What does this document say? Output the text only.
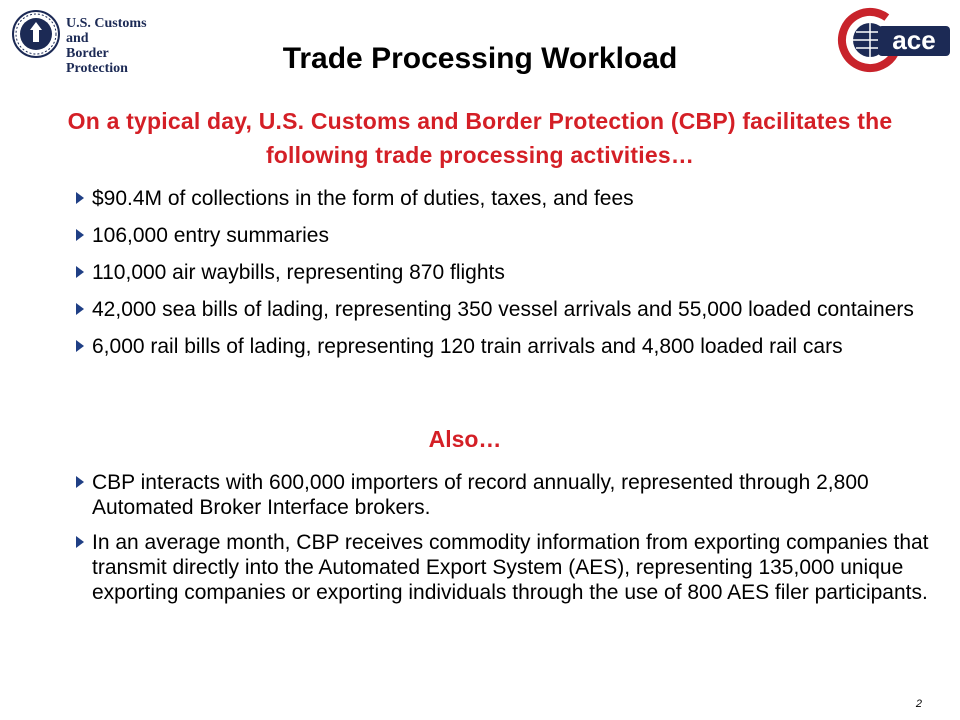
U.S. Customs and
Border Protection
ace
Trade Processing Workload
On a typical day, U.S. Customs and Border Protection (CBP) facilitates the following trade processing activities…
$90.4M of collections in the form of duties, taxes, and fees
106,000 entry summaries
110,000 air waybills, representing 870 flights
42,000 sea bills of lading, representing 350 vessel arrivals and 55,000 loaded containers
6,000 rail bills of lading, representing 120 train arrivals and 4,800 loaded rail cars
Also…
CBP interacts with 600,000 importers of record annually, represented through 2,800 Automated Broker Interface brokers.
In an average month, CBP receives commodity information from exporting companies that transmit directly into the Automated Export System (AES), representing 135,000 unique exporting companies or exporting individuals through the use of 800 AES filer participants.
2
